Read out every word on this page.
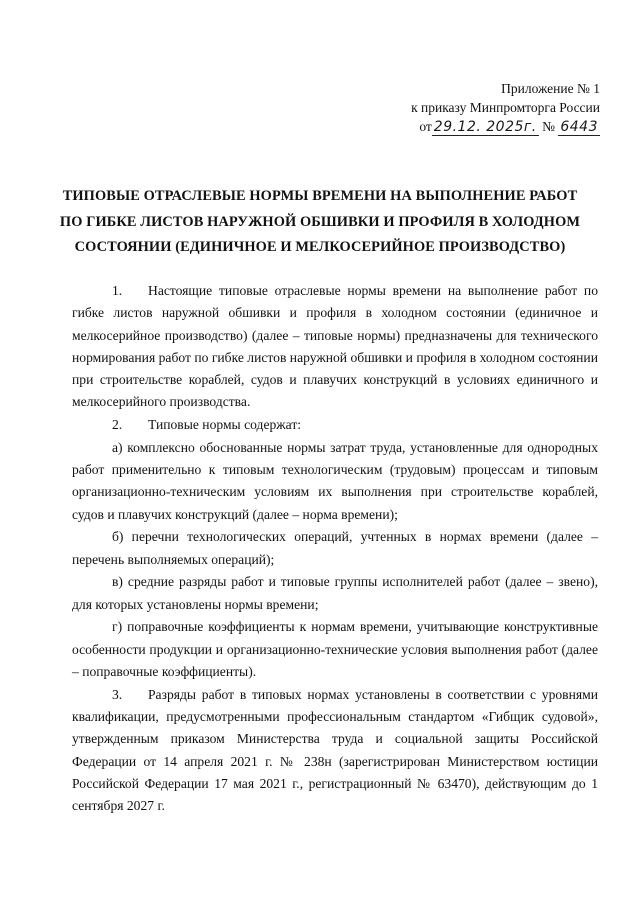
Приложение № 1
к приказу Минпромторга России
от 29.12. 2025г. № 6443
ТИПОВЫЕ ОТРАСЛЕВЫЕ НОРМЫ ВРЕМЕНИ НА ВЫПОЛНЕНИЕ РАБОТ
ПО ГИБКЕ ЛИСТОВ НАРУЖНОЙ ОБШИВКИ И ПРОФИЛЯ В ХОЛОДНОМ
СОСТОЯНИИ (ЕДИНИЧНОЕ И МЕЛКОСЕРИЙНОЕ ПРОИЗВОДСТВО)

1. Настоящие типовые отраслевые нормы времени на выполнение работ по гибке листов наружной обшивки и профиля в холодном состоянии (единичное и мелкосерийное производство) (далее – типовые нормы) предназначены для технического нормирования работ по гибке листов наружной обшивки и профиля в холодном состоянии при строительстве кораблей, судов и плавучих конструкций в условиях единичного и мелкосерийного производства.

2. Типовые нормы содержат:

а) комплексно обоснованные нормы затрат труда, установленные для однородных работ применительно к типовым технологическим (трудовым) процессам и типовым организационно-техническим условиям их выполнения при строительстве кораблей, судов и плавучих конструкций (далее – норма времени);

б) перечни технологических операций, учтенных в нормах времени (далее – перечень выполняемых операций);

в) средние разряды работ и типовые группы исполнителей работ (далее – звено), для которых установлены нормы времени;

г) поправочные коэффициенты к нормам времени, учитывающие конструктивные особенности продукции и организационно-технические условия выполнения работ (далее – поправочные коэффициенты).

3. Разряды работ в типовых нормах установлены в соответствии с уровнями квалификации, предусмотренными профессиональным стандартом «Гибщик судовой», утвержденным приказом Министерства труда и социальной защиты Российской Федерации от 14 апреля 2021 г. № 238н (зарегистрирован Министерством юстиции Российской Федерации 17 мая 2021 г., регистрационный № 63470), действующим до 1 сентября 2027 г.
